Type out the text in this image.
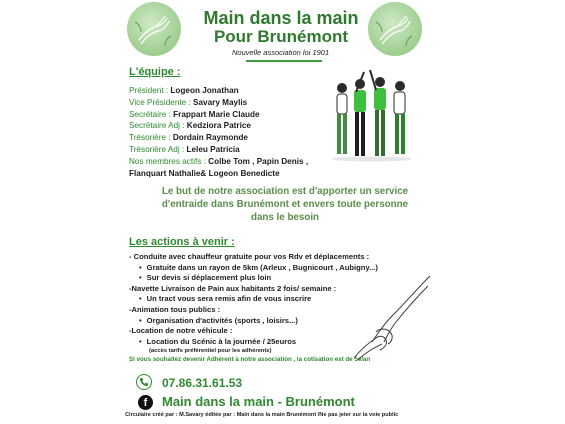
Main dans la main
Pour Brunémont
Nouvelle association loi 1901
L'équipe :
Président : Logeon Jonathan
Vice Présidente : Savary Maylis
Secrétaire : Frappart Marie Claude
Secrétaire Adj : Kedziora Patrice
Trésorière : Dordain Raymonde
Trésorière Adj : Leleu Patricia
Nos membres actifs : Colbe Tom , Papin Denis ,
Flanquart Nathalie& Logeon Benedicte
Le but de notre association est d'apporter un service
d'entraide dans Brunémont et envers toute personne
dans le besoin
Les actions à venir :
- Conduite avec chauffeur gratuite pour vos Rdv et déplacements :
• Gratuite dans un rayon de 5km (Arleux , Bugnicourt , Aubigny...)
• Sur devis si déplacement plus loin
-Navette Livraison de Pain aux habitants 2 fois/ semaine :
• Un tract vous sera remis afin de vous inscrire
-Animation tous publics :
• Organisation d'activités (sports , loisirs...)
-Location de notre véhicule :
• Location du Scénic à la journée / 25euros
(accès tarifs préférentiel pour les adhérents)
Si vous souhaitez devenir Adhérent à notre association , la cotisation est de 5e/an
07.86.31.61.53
f	Main dans la main - Brunémont
Circulaire créé par : M.Savary éditée par : Main dans la main Brunémont /Ne pas jeter sur la voie public
